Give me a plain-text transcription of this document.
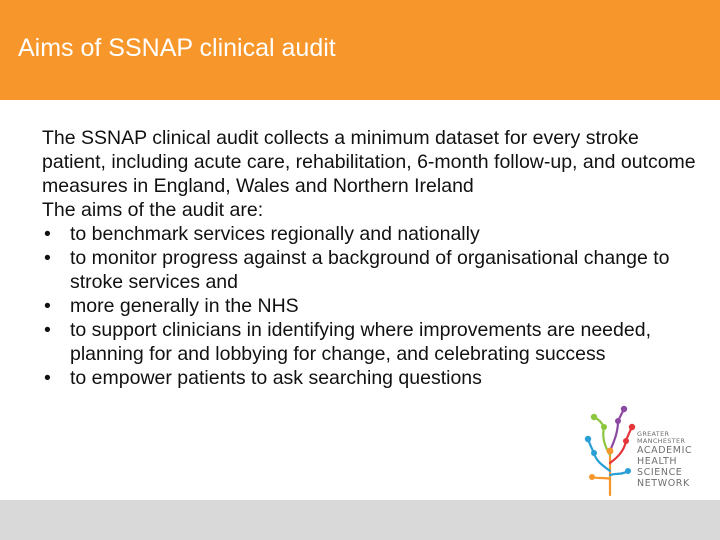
Aims of SSNAP clinical audit

The SSNAP clinical audit collects a minimum dataset for every stroke patient, including acute care, rehabilitation, 6-month follow-up, and outcome measures in England, Wales and Northern Ireland

The aims of the audit are:

• to benchmark services regionally and nationally
• to monitor progress against a background of organisational change to stroke services and
• more generally in the NHS
• to support clinicians in identifying where improvements are needed, planning for and lobbying for change, and celebrating success
• to empower patients to ask searching questions
GREATER
MANCHESTER
ACADEMIC
HEALTH
SCIENCE
NETWORK
